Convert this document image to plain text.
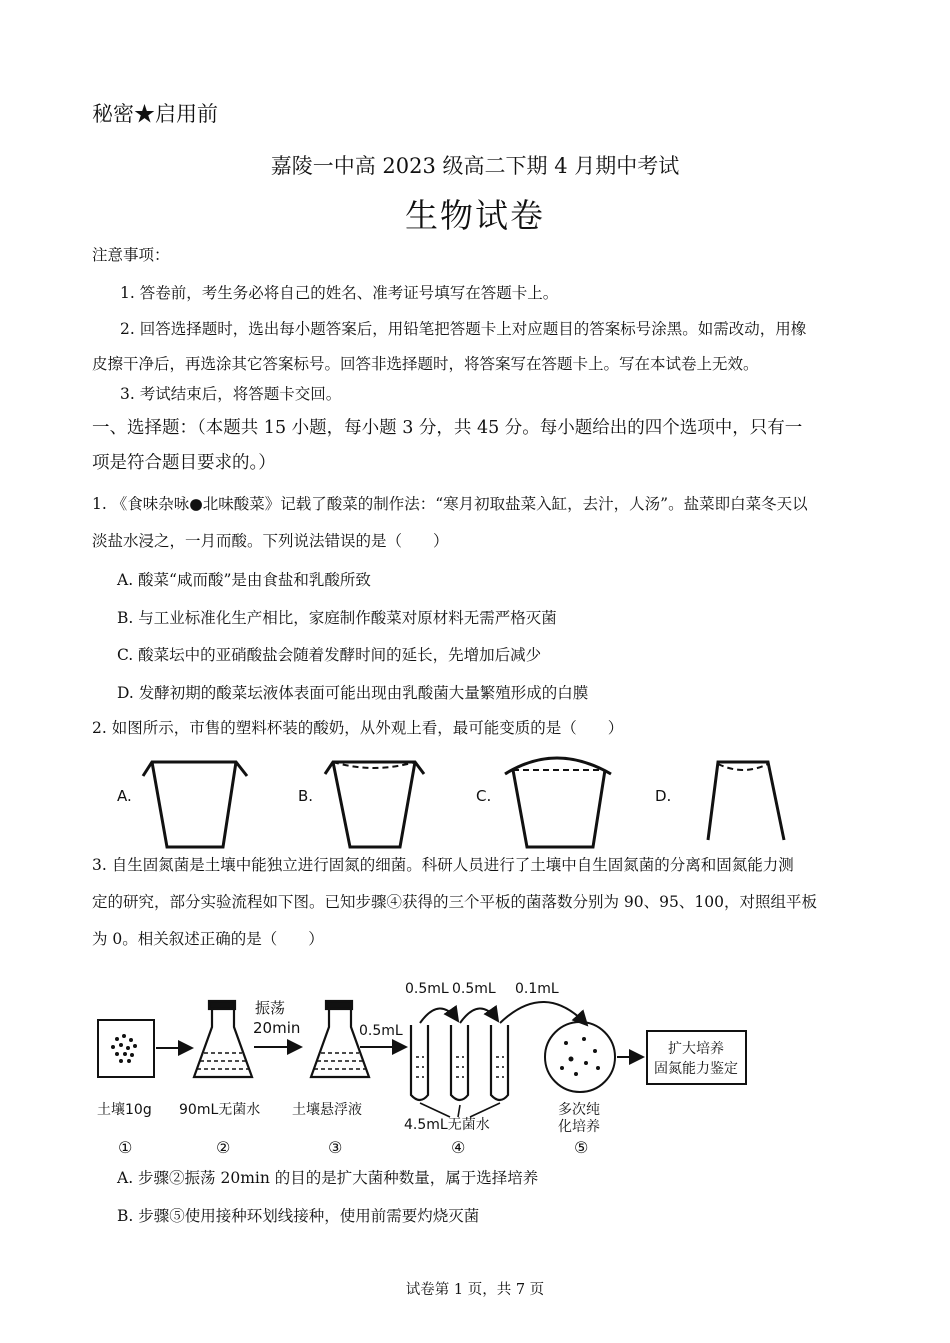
秘密★启用前
嘉陵一中高 2023 级高二下期 4 月期中考试
生物试卷
注意事项：
1. 答卷前，考生务必将自己的姓名、准考证号填写在答题卡上。
2. 回答选择题时，选出每小题答案后，用铅笔把答题卡上对应题目的答案标号涂黑。如需改动，用橡
皮擦干净后，再选涂其它答案标号。回答非选择题时，将答案写在答题卡上。写在本试卷上无效。
3. 考试结束后，将答题卡交回。
一、选择题：（本题共 15 小题，每小题 3 分，共 45 分。每小题给出的四个选项中，只有一
项是符合题目要求的。）
1. 《食味杂咏●北味酸菜》记载了酸菜的制作法：“寒月初取盐菜入缸，去汁，人汤”。盐菜即白菜冬天以
淡盐水浸之，一月而酸。下列说法错误的是（　　）
A. 酸菜“咸而酸”是由食盐和乳酸所致
B. 与工业标准化生产相比，家庭制作酸菜对原材料无需严格灭菌
C. 酸菜坛中的亚硝酸盐会随着发酵时间的延长，先增加后减少
D. 发酵初期的酸菜坛液体表面可能出现由乳酸菌大量繁殖形成的白膜
2. 如图所示，市售的塑料杯装的酸奶，从外观上看，最可能变质的是（　　）
A.	B.	C.	D.
3. 自生固氮菌是土壤中能独立进行固氮的细菌。科研人员进行了土壤中自生固氮菌的分离和固氮能力测
定的研究，部分实验流程如下图。已知步骤④获得的三个平板的菌落数分别为 90、95、100，对照组平板
为 0。相关叙述正确的是（　　）
振荡
20min	0.5mL
0.5mL 0.5mL 0.1mL
扩大培养
固氮能力鉴定
土壤10g 90mL无菌水 土壤悬浮液
4.5mL无菌水
多次纯
化培养
①	②	③	④	⑤
A. 步骤②振荡 20min 的目的是扩大菌种数量，属于选择培养
B. 步骤⑤使用接种环划线接种，使用前需要灼烧灭菌
试卷第 1 页，共 7 页
